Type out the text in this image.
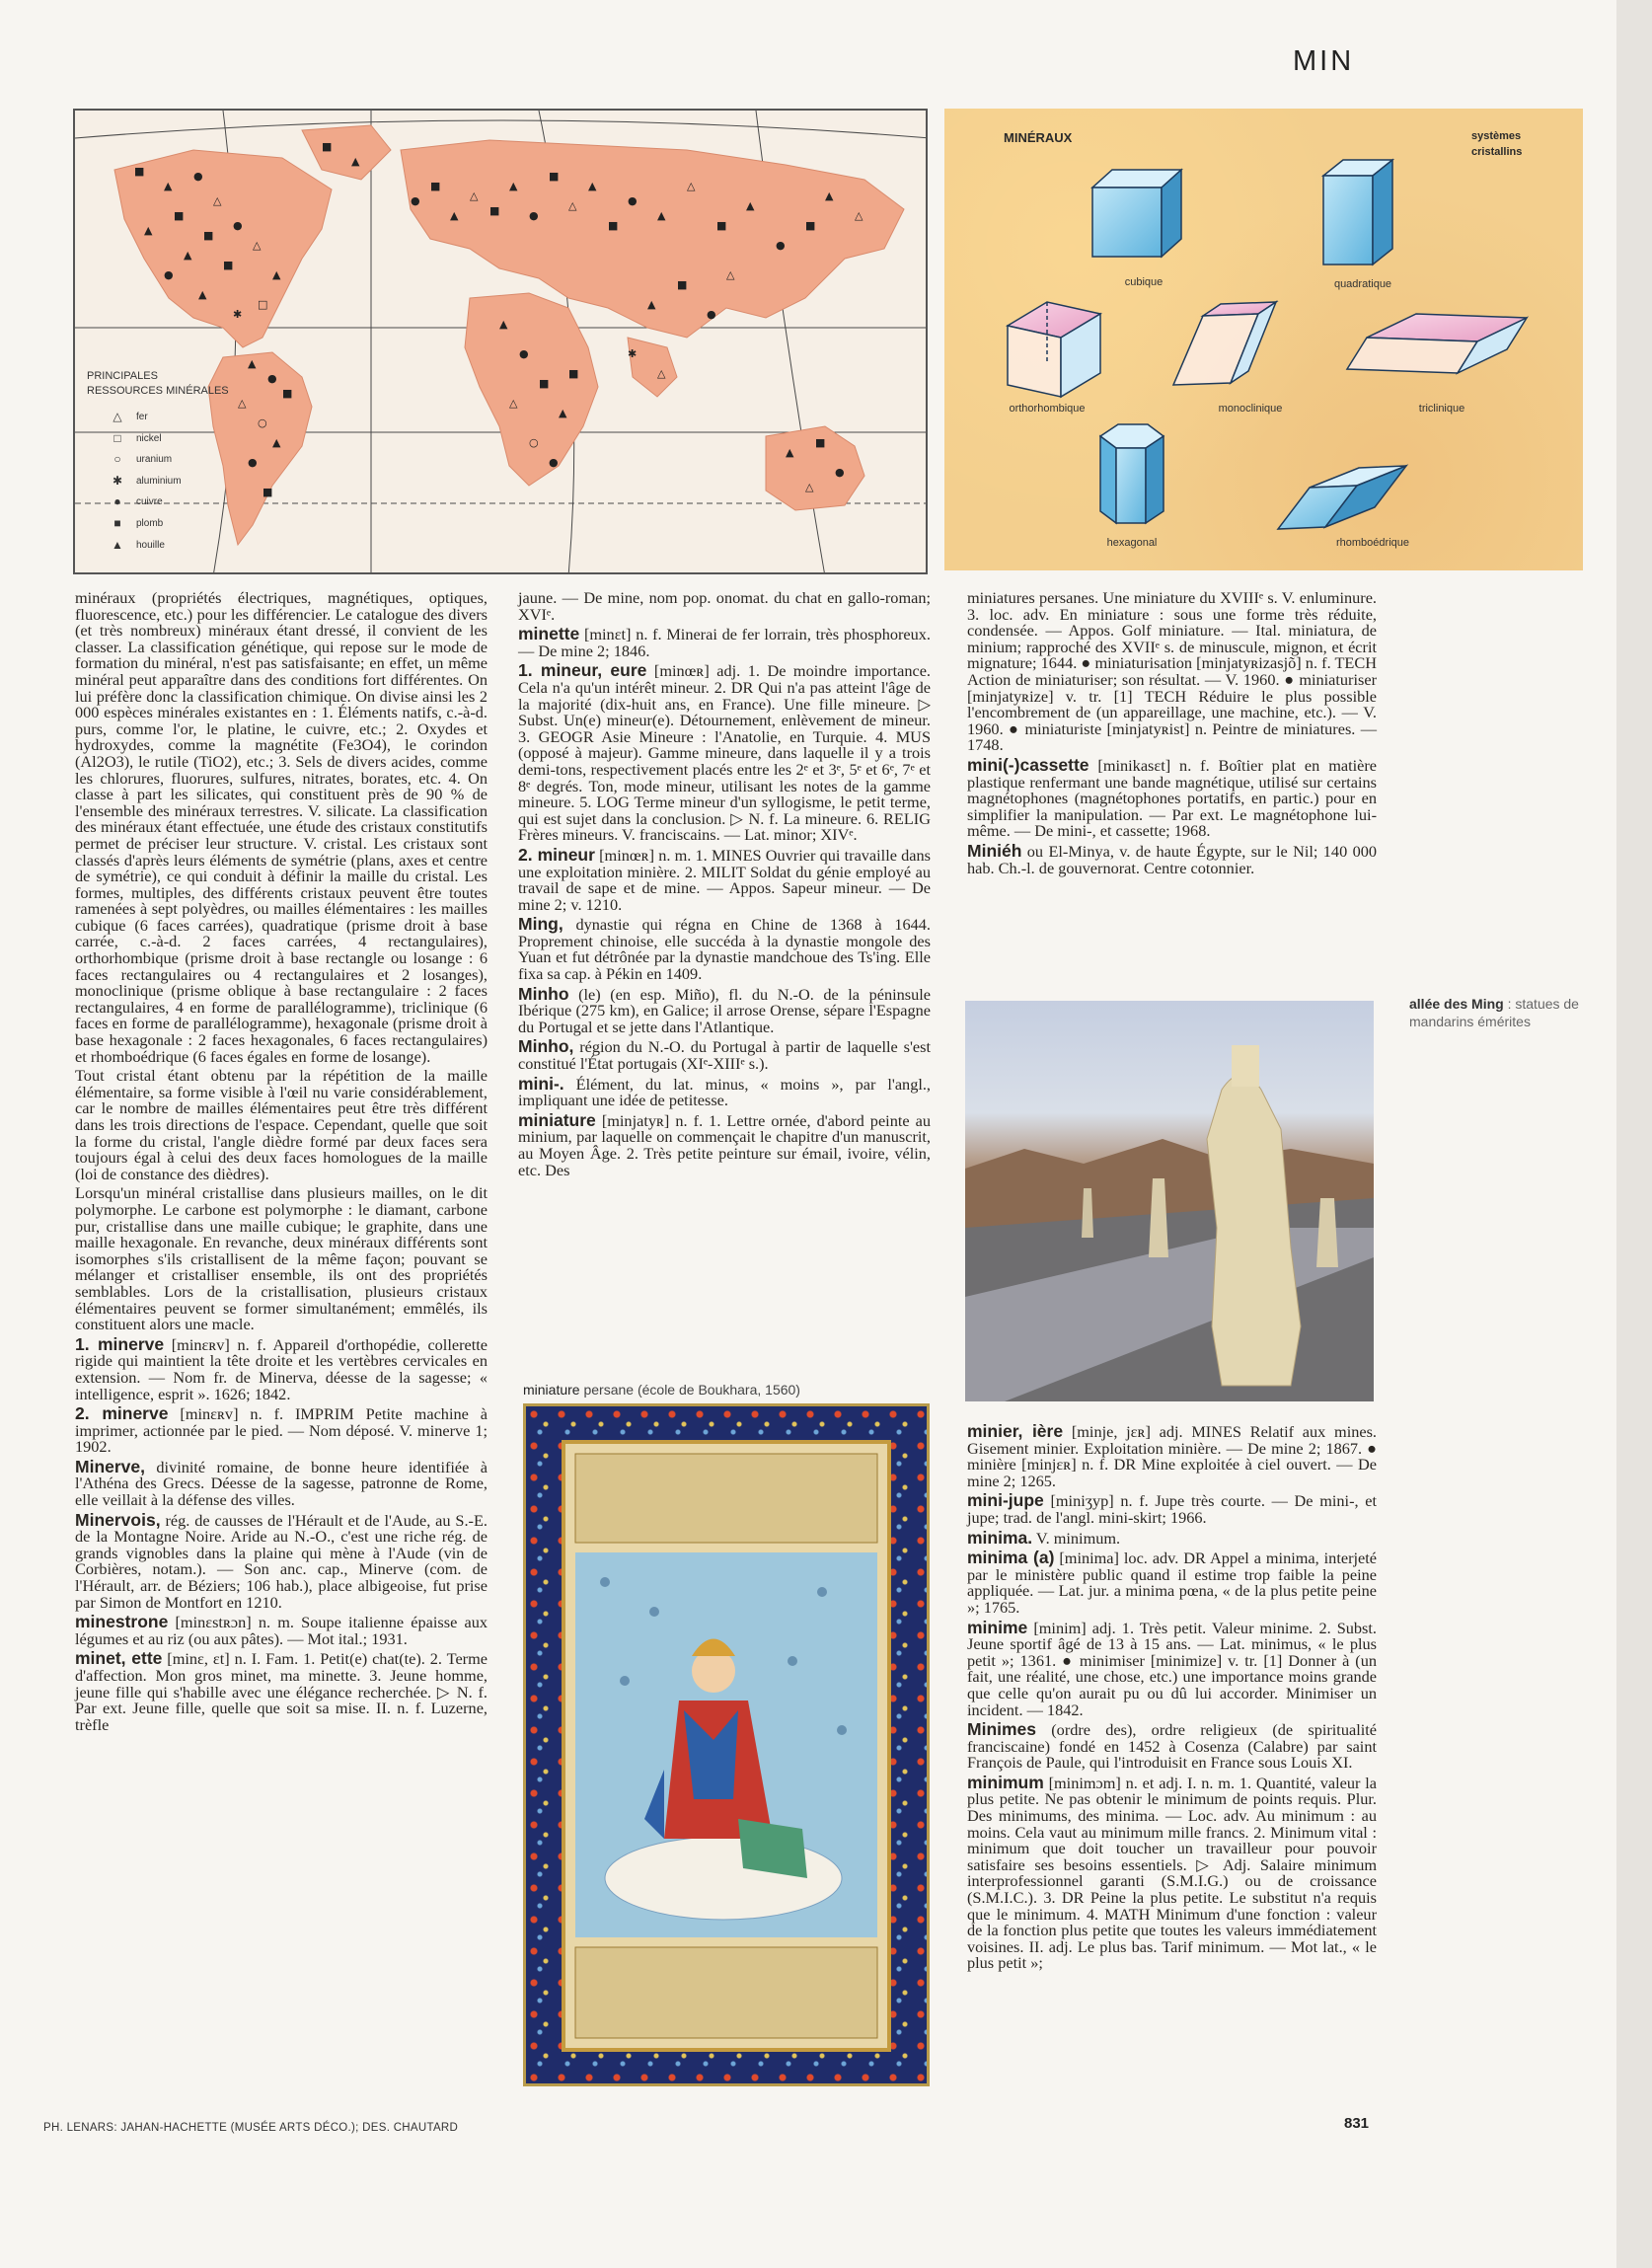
MIN
■
▲
●
△
■
▲	■
●
▲
■
△
●
▲
✱
□
▲
▲
●
△
■
○
▲
●
■
●
■
▲
△
■
▲
●
■
△
▲
■
●
▲
△
■
▲
●
■
▲
△
▲
●
■
△
▲
○
●
■
▲
■
●
△
▲
■
●
△
✱
△
■
▲
PRINCIPALES
RESSOURCES MINÉRALES
△	fer
□	nickel
○	uranium
✱	aluminium
●	cuivre
■	plomb
▲	houille
MINÉRAUX	systèmes
cristallins
cubique	quadratique
orthorhombique	monoclinique	triclinique
hexagonal	rhomboédrique

minéraux (propriétés électriques, magnétiques, optiques, fluorescence, etc.) pour les différencier. Le catalogue des divers (et très nombreux) minéraux étant dressé, il convient de les classer. La classification génétique, qui repose sur le mode de formation du minéral, n'est pas satisfaisante; en effet, un même minéral peut apparaître dans des conditions fort différentes. On lui préfère donc la classification chimique. On divise ainsi les 2 000 espèces minérales existantes en : 1. Éléments natifs, c.-à-d. purs, comme l'or, le platine, le cuivre, etc.; 2. Oxydes et hydroxydes, comme la magnétite (Fe3O4), le corindon (Al2O3), le rutile (TiO2), etc.; 3. Sels de divers acides, comme les chlorures, fluorures, sulfures, nitrates, borates, etc. 4. On classe à part les silicates, qui constituent près de 90 % de l'ensemble des minéraux terrestres. V. silicate. La classification des minéraux étant effectuée, une étude des cristaux constitutifs permet de préciser leur structure. V. cristal. Les cristaux sont classés d'après leurs éléments de symétrie (plans, axes et centre de symétrie), ce qui conduit à définir la maille du cristal. Les formes, multiples, des différents cristaux peuvent être toutes ramenées à sept polyèdres, ou mailles élémentaires : les mailles cubique (6 faces carrées), quadratique (prisme droit à base carrée, c.-à-d. 2 faces carrées, 4 rectangulaires), orthorhombique (prisme droit à base rectangle ou losange : 6 faces rectangulaires ou 4 rectangulaires et 2 losanges), monoclinique (prisme oblique à base rectangulaire : 2 faces rectangulaires, 4 en forme de parallélogramme), triclinique (6 faces en forme de parallélogramme), hexagonale (prisme droit à base hexagonale : 2 faces hexagonales, 6 faces rectangulaires) et rhomboédrique (6 faces égales en forme de losange).

Tout cristal étant obtenu par la répétition de la maille élémentaire, sa forme visible à l'œil nu varie considérablement, car le nombre de mailles élémentaires peut être très différent dans les trois directions de l'espace. Cependant, quelle que soit la forme du cristal, l'angle dièdre formé par deux faces sera toujours égal à celui des deux faces homologues de la maille (loi de constance des dièdres).

Lorsqu'un minéral cristallise dans plusieurs mailles, on le dit polymorphe. Le carbone est polymorphe : le diamant, carbone pur, cristallise dans une maille cubique; le graphite, dans une maille hexagonale. En revanche, deux minéraux différents sont isomorphes s'ils cristallisent de la même façon; pouvant se mélanger et cristalliser ensemble, ils ont des propriétés semblables. Lors de la cristallisation, plusieurs cristaux élémentaires peuvent se former simultanément; emmêlés, ils constituent alors une macle.

1. minerve [minɛʀv] n. f. Appareil d'orthopédie, collerette rigide qui maintient la tête droite et les vertèbres cervicales en extension. — Nom fr. de Minerva, déesse de la sagesse; « intelligence, esprit ». 1626; 1842.

2. minerve [minɛʀv] n. f. IMPRIM Petite machine à imprimer, actionnée par le pied. — Nom déposé. V. minerve 1; 1902.

Minerve, divinité romaine, de bonne heure identifiée à l'Athéna des Grecs. Déesse de la sagesse, patronne de Rome, elle veillait à la défense des villes.

Minervois, rég. de causses de l'Hérault et de l'Aude, au S.-E. de la Montagne Noire. Aride au N.-O., c'est une riche rég. de grands vignobles dans la plaine qui mène à l'Aude (vin de Corbières, notam.). — Son anc. cap., Minerve (com. de l'Hérault, arr. de Béziers; 106 hab.), place albigeoise, fut prise par Simon de Montfort en 1210.

minestrone [minɛstʀɔn] n. m. Soupe italienne épaisse aux légumes et au riz (ou aux pâtes). — Mot ital.; 1931.

minet, ette [minɛ, ɛt] n. I. Fam. 1. Petit(e) chat(te). 2. Terme d'affection. Mon gros minet, ma minette. 3. Jeune homme, jeune fille qui s'habille avec une élégance recherchée. ▷ N. f. Par ext. Jeune fille, quelle que soit sa mise. II. n. f. Luzerne, trèfle

jaune. — De mine, nom pop. onomat. du chat en gallo-roman; XVIᵉ.

minette [minɛt] n. f. Minerai de fer lorrain, très phosphoreux. — De mine 2; 1846.

1. mineur, eure [minœʀ] adj. 1. De moindre importance. Cela n'a qu'un intérêt mineur. 2. DR Qui n'a pas atteint l'âge de la majorité (dix-huit ans, en France). Une fille mineure. ▷ Subst. Un(e) mineur(e). Détournement, enlèvement de mineur. 3. GEOGR Asie Mineure : l'Anatolie, en Turquie. 4. MUS (opposé à majeur). Gamme mineure, dans laquelle il y a trois demi-tons, respectivement placés entre les 2ᵉ et 3ᵉ, 5ᵉ et 6ᵉ, 7ᵉ et 8ᵉ degrés. Ton, mode mineur, utilisant les notes de la gamme mineure. 5. LOG Terme mineur d'un syllogisme, le petit terme, qui est sujet dans la conclusion. ▷ N. f. La mineure. 6. RELIG Frères mineurs. V. franciscains. — Lat. minor; XIVᵉ.

2. mineur [minœʀ] n. m. 1. MINES Ouvrier qui travaille dans une exploitation minière. 2. MILIT Soldat du génie employé au travail de sape et de mine. — Appos. Sapeur mineur. — De mine 2; v. 1210.

Ming, dynastie qui régna en Chine de 1368 à 1644. Proprement chinoise, elle succéda à la dynastie mongole des Yuan et fut détrônée par la dynastie mandchoue des Ts'ing. Elle fixa sa cap. à Pékin en 1409.

Minho (le) (en esp. Miño), fl. du N.-O. de la péninsule Ibérique (275 km), en Galice; il arrose Orense, sépare l'Espagne du Portugal et se jette dans l'Atlantique.

Minho, région du N.-O. du Portugal à partir de laquelle s'est constitué l'État portugais (XIᵉ-XIIIᵉ s.).

mini-. Élément, du lat. minus, « moins », par l'angl., impliquant une idée de petitesse.

miniature [minjatyʀ] n. f. 1. Lettre ornée, d'abord peinte au minium, par laquelle on commençait le chapitre d'un manuscrit, au Moyen Âge. 2. Très petite peinture sur émail, ivoire, vélin, etc. Des

miniature persane (école de Boukhara, 1560)

miniatures persanes. Une miniature du XVIIIᵉ s. V. enluminure. 3. loc. adv. En miniature : sous une forme très réduite, condensée. — Appos. Golf miniature. — Ital. miniatura, de minium; rapproché des XVIIᵉ s. de minuscule, mignon, et écrit mignature; 1644. ● miniaturisation [minjatyʀizasjõ] n. f. TECH Action de miniaturiser; son résultat. — V. 1960. ● miniaturiser [minjatyʀize] v. tr. [1] TECH Réduire le plus possible l'encombrement de (un appareillage, une machine, etc.). — V. 1960. ● miniaturiste [minjatyʀist] n. Peintre de miniatures. — 1748.

mini(-)cassette [minikasɛt] n. f. Boîtier plat en matière plastique renfermant une bande magnétique, utilisé sur certains magnétophones (magnétophones portatifs, en partic.) pour en simplifier la manipulation. — Par ext. Le magnétophone lui-même. — De mini-, et cassette; 1968.

Miniéh ou El-Minya, v. de haute Égypte, sur le Nil; 140 000 hab. Ch.-l. de gouvernorat. Centre cotonnier.

allée des Ming : statues de mandarins émérites

minier, ière [minje, jɛʀ] adj. MINES Relatif aux mines. Gisement minier. Exploitation minière. — De mine 2; 1867. ● minière [minjɛʀ] n. f. DR Mine exploitée à ciel ouvert. — De mine 2; 1265.

mini-jupe [miniʒyp] n. f. Jupe très courte. — De mini-, et jupe; trad. de l'angl. mini-skirt; 1966.

minima. V. minimum.

minima (a) [minima] loc. adv. DR Appel a minima, interjeté par le ministère public quand il estime trop faible la peine appliquée. — Lat. jur. a minima pœna, « de la plus petite peine »; 1765.

minime [minim] adj. 1. Très petit. Valeur minime. 2. Subst. Jeune sportif âgé de 13 à 15 ans. — Lat. minimus, « le plus petit »; 1361. ● minimiser [minimize] v. tr. [1] Donner à (un fait, une réalité, une chose, etc.) une importance moins grande que celle qu'on aurait pu ou dû lui accorder. Minimiser un incident. — 1842.

Minimes (ordre des), ordre religieux (de spiritualité franciscaine) fondé en 1452 à Cosenza (Calabre) par saint François de Paule, qui l'introduisit en France sous Louis XI.

minimum [minimɔm] n. et adj. I. n. m. 1. Quantité, valeur la plus petite. Ne pas obtenir le minimum de points requis. Plur. Des minimums, des minima. — Loc. adv. Au minimum : au moins. Cela vaut au minimum mille francs. 2. Minimum vital : minimum que doit toucher un travailleur pour pouvoir satisfaire ses besoins essentiels. ▷ Adj. Salaire minimum interprofessionnel garanti (S.M.I.G.) ou de croissance (S.M.I.C.). 3. DR Peine la plus petite. Le substitut n'a requis que le minimum. 4. MATH Minimum d'une fonction : valeur de la fonction plus petite que toutes les valeurs immédiatement voisines. II. adj. Le plus bas. Tarif minimum. — Mot lat., « le plus petit »;

PH. LENARS: JAHAN-HACHETTE (MUSÉE ARTS DÉCO.); DES. CHAUTARD	831
